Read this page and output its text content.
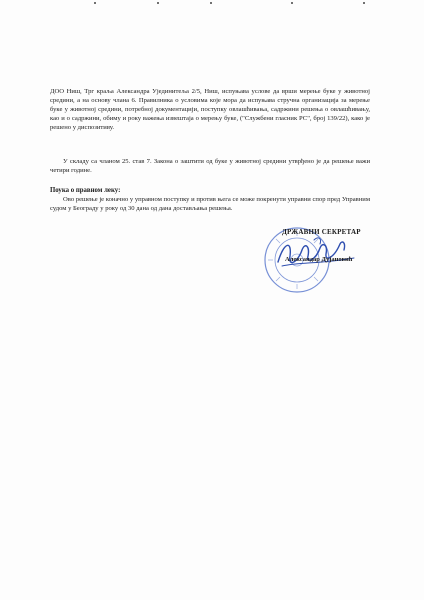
ДОО Ниш, Трг краља Александра Ујединитеља 2/5, Ниш, испуњава услове да врши мерење буке у животној средини, а на основу члана 6. Правилника о условима које мора да испуњава стручна организација за мерење буке у животној средини, потребној документацији, поступку овлашћивања, садржини решења о овлашћивању, као и о садржини, обиму и року важења извештаја о мерењу буке, ("Службени гласник РС", број 139/22), како је решено у диспозитиву.

У складу са чланом 25. став 7. Закона о заштити од буке у животној средини утврђено је да решење важи четири године.

Поука о правном леку:

Ово решење је коначно у управном поступку и против њега се може покренути управни спор пред Управним судом у Београду у року од 30 дана од дана достављања решења.

ДРЖАВНИ СЕКРЕТАР
Александар Дујановић
